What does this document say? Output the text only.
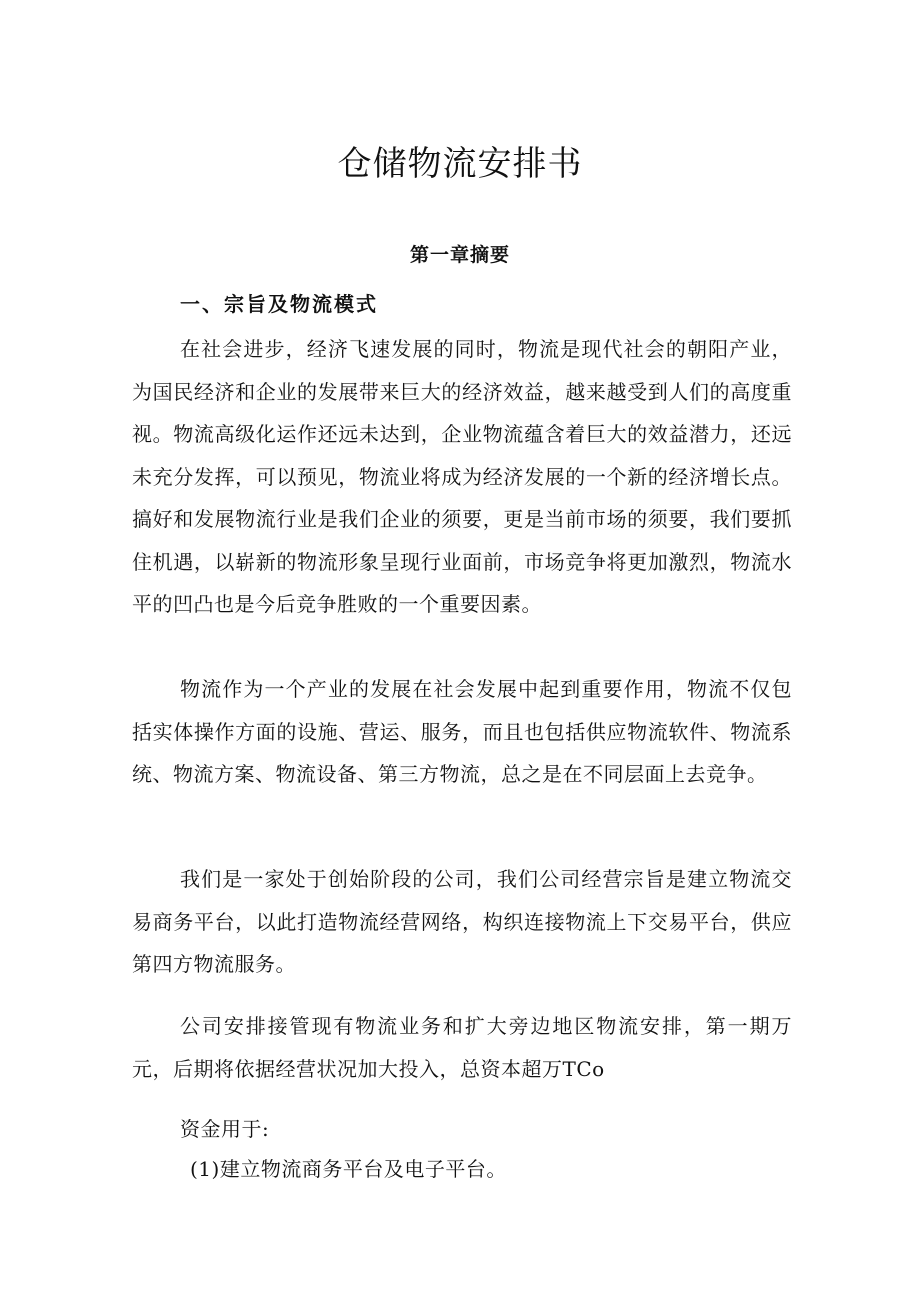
仓储物流安排书
第一章摘要
一、宗旨及物流模式

在社会进步，经济飞速发展的同时，物流是现代社会的朝阳产业，为国民经济和企业的发展带来巨大的经济效益，越来越受到人们的高度重视。物流高级化运作还远未达到，企业物流蕴含着巨大的效益潜力，还远未充分发挥，可以预见，物流业将成为经济发展的一个新的经济增长点。搞好和发展物流行业是我们企业的须要，更是当前市场的须要，我们要抓住机遇，以崭新的物流形象呈现行业面前，市场竞争将更加激烈，物流水平的凹凸也是今后竞争胜败的一个重要因素。

物流作为一个产业的发展在社会发展中起到重要作用，物流不仅包括实体操作方面的设施、营运、服务，而且也包括供应物流软件、物流系统、物流方案、物流设备、第三方物流，总之是在不同层面上去竞争。

我们是一家处于创始阶段的公司，我们公司经营宗旨是建立物流交易商务平台，以此打造物流经营网络，构织连接物流上下交易平台，供应第四方物流服务。

公司安排接管现有物流业务和扩大旁边地区物流安排，第一期万元，后期将依据经营状况加大投入，总资本超万TCo

资金用于:

(1)建立物流商务平台及电子平台。
